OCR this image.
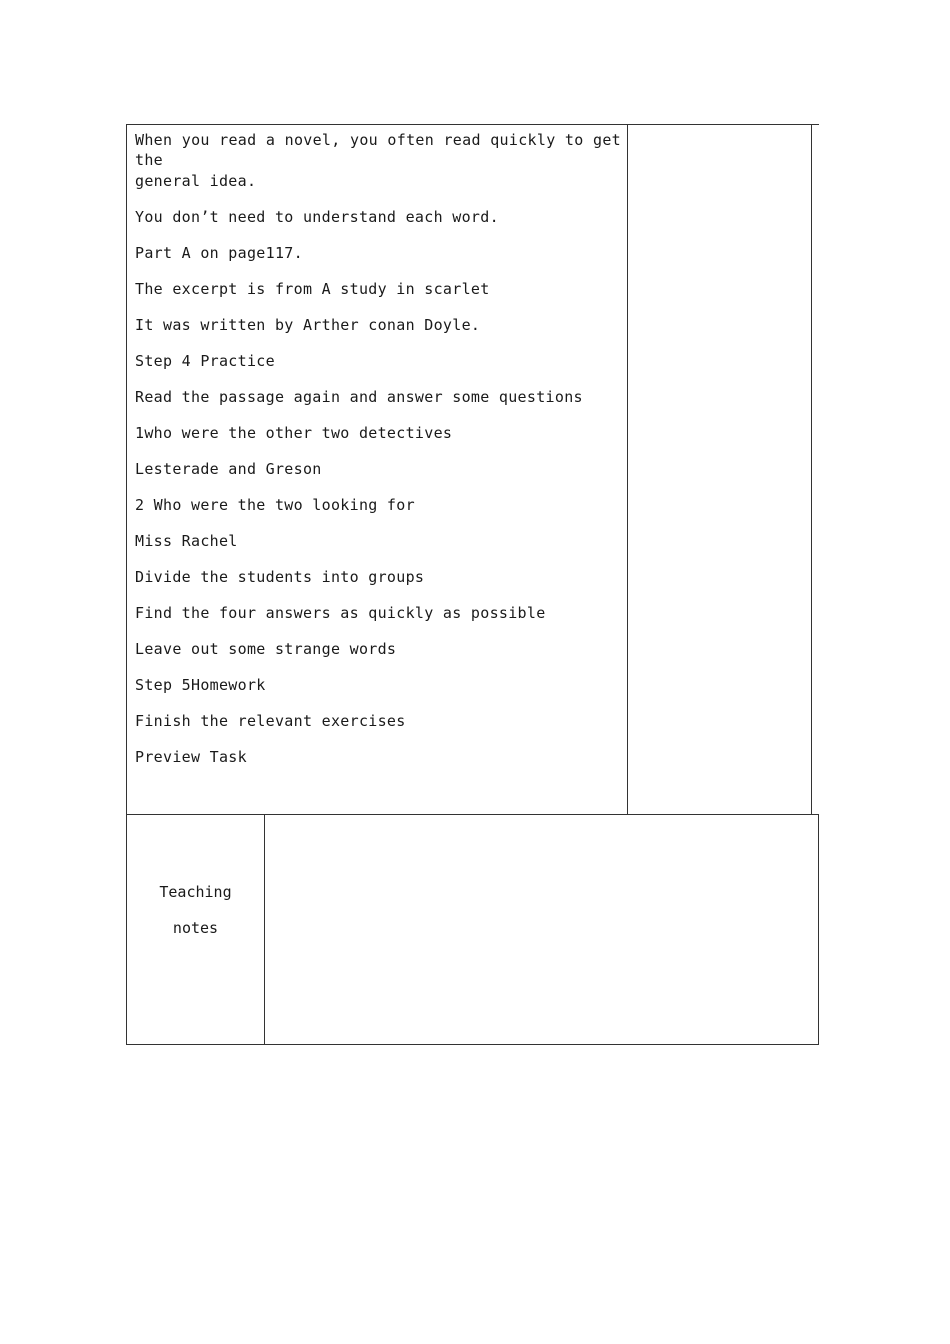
When you read a novel, you often read quickly to get the
general idea.
You don’t need to understand each word.
Part A on page117.
The excerpt is from A study in scarlet
It was written by Arther conan Doyle.
Step 4 Practice
Read the passage again and answer some questions
1who were the other two detectives
Lesterade and Greson
2 Who were the two looking for
Miss Rachel
Divide the students into groups
Find the four answers as quickly as possible
Leave out some strange words
Step 5Homework
Finish the relevant exercises
Preview Task
Teaching
notes
